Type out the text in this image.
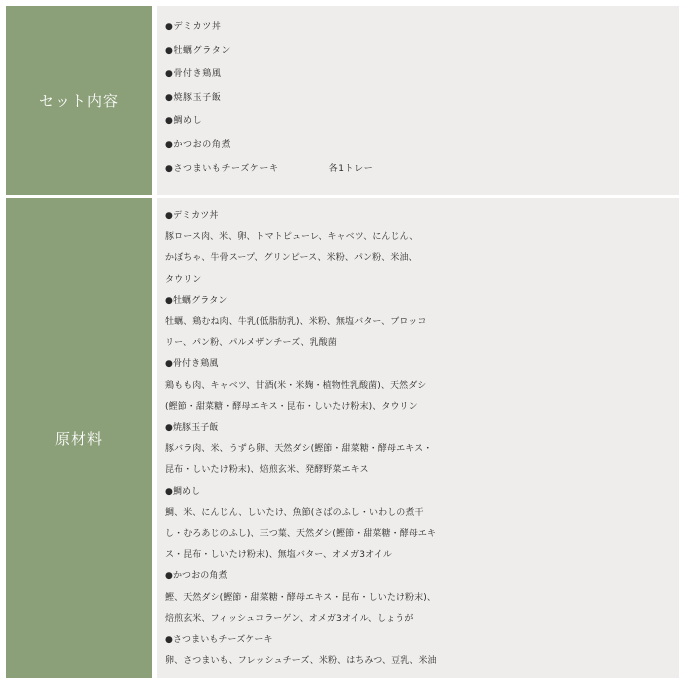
セット内容
●デミカツ丼
●牡蠣グラタン
●骨付き鶏風
●焼豚玉子飯
●鯛めし
●かつおの角煮
●さつまいもチーズケーキ	各1トレー
原材料
●デミカツ丼
豚ロース肉、米、卵、トマトピューレ、キャベツ、にんじん、
かぼちゃ、牛骨スープ、グリンピース、米粉、パン粉、米油、
タウリン
●牡蠣グラタン
牡蠣、鶏むね肉、牛乳(低脂肪乳)、米粉、無塩バター、ブロッコ
リー、パン粉、パルメザンチーズ、乳酸菌
●骨付き鶏風
鶏もも肉、キャベツ、甘酒(米・米麹・植物性乳酸菌)、天然ダシ
(鰹節・甜菜糖・酵母エキス・昆布・しいたけ粉末)、タウリン
●焼豚玉子飯
豚バラ肉、米、うずら卵、天然ダシ(鰹節・甜菜糖・酵母エキス・
昆布・しいたけ粉末)、焙煎玄米、発酵野菜エキス
●鯛めし
鯛、米、にんじん、しいたけ、魚節(さばのふし・いわしの煮干
し・むろあじのふし)、三つ葉、天然ダシ(鰹節・甜菜糖・酵母エキ
ス・昆布・しいたけ粉末)、無塩バター、オメガ3オイル
●かつおの角煮
鰹、天然ダシ(鰹節・甜菜糖・酵母エキス・昆布・しいたけ粉末)、
焙煎玄米、フィッシュコラーゲン、オメガ3オイル、しょうが
●さつまいもチーズケーキ
卵、さつまいも、フレッシュチーズ、米粉、はちみつ、豆乳、米油
